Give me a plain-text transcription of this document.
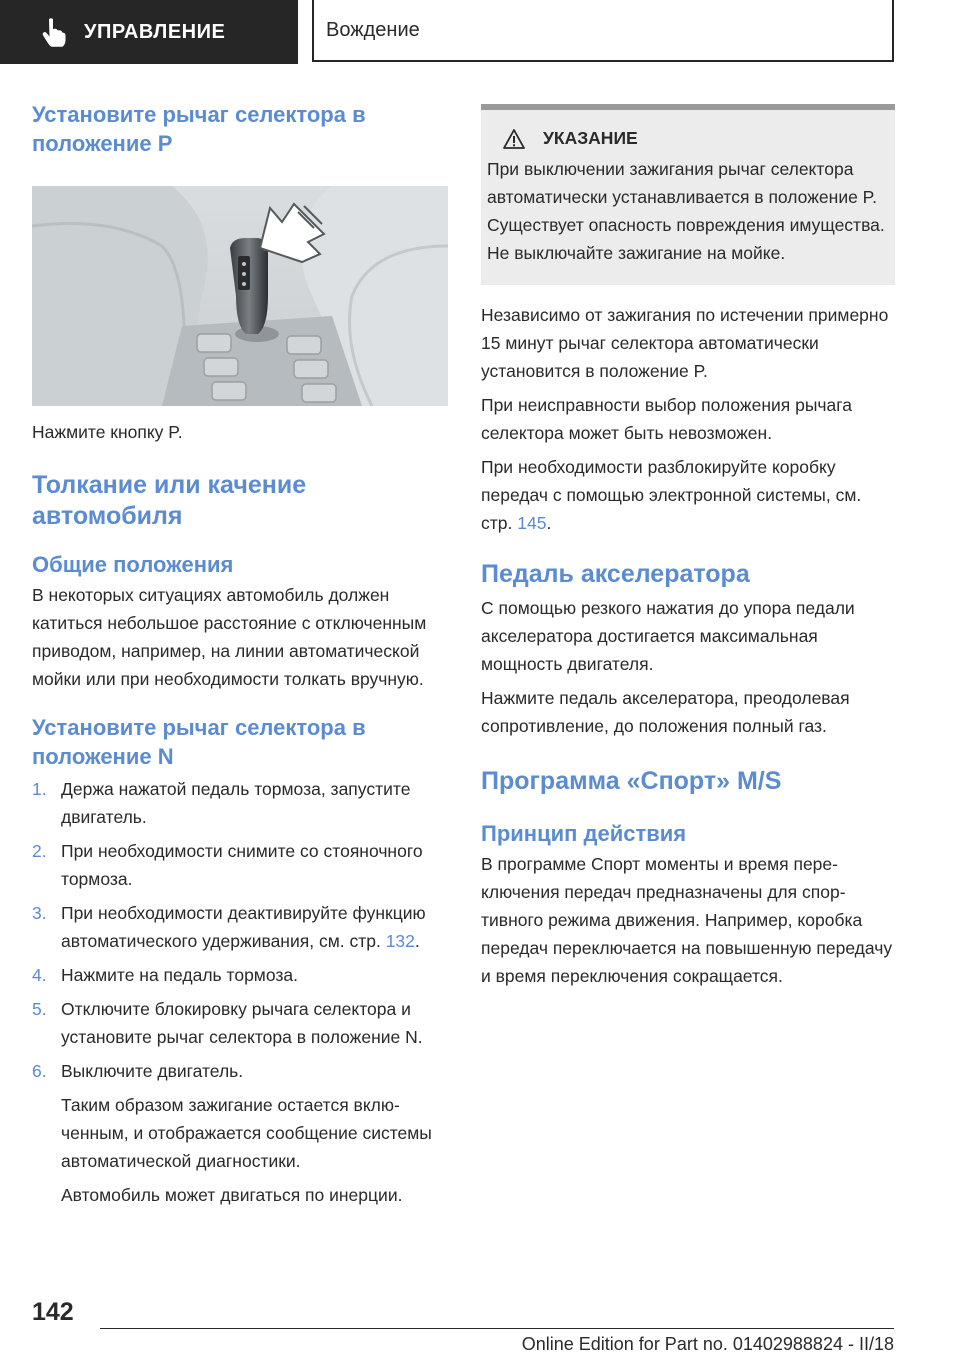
УПРАВЛЕНИЕ	Вождение
Установите рычаг селектора в положение P

Нажмите кнопку P.

Толкание или качение автомобиля
Общие положения

В некоторых ситуациях автомобиль должен катиться небольшое расстояние с отключенным приводом, например, на линии автоматической мойки или при необходимости толкать вручную.

Установите рычаг селектора в положение N
1. Держа нажатой педаль тормоза, запустите двигатель.

2. При необходимости снимите со стояночного тормоза.

3. При необходимости деактивируйте функцию автоматического удерживания, см. стр. 132.

4. Нажмите на педаль тормоза.

5. Отключите блокировку рычага селектора и установите рычаг селектора в положение N.

6. Выключите двигатель.

Таким образом зажигание остается включенным, и отображается сообщение системы автоматической диагностики.

Автомобиль может двигаться по инерции.

УКАЗАНИЕ

При выключении зажигания рычаг селектора автоматически устанавливается в положение P. Существует опасность повреждения имущества. Не выключайте зажигание на мойке.

Независимо от зажигания по истечении примерно 15 минут рычаг селектора автоматически установится в положение P.

При неисправности выбор положения рычага селектора может быть невозможен.

При необходимости разблокируйте коробку передач с помощью электронной системы, см. стр. 145.

Педаль акселератора

С помощью резкого нажатия до упора педали акселератора достигается максимальная мощность двигателя.

Нажмите педаль акселератора, преодолевая сопротивление, до положения полный газ.

Программа «Спорт» M/S
Принцип действия

В программе Спорт моменты и время переключения передач предназначены для спортивного режима движения. Например, коробка передач переключается на повышенную передачу и время переключения сокращается.

142
Online Edition for Part no. 01402988824 - II/18
